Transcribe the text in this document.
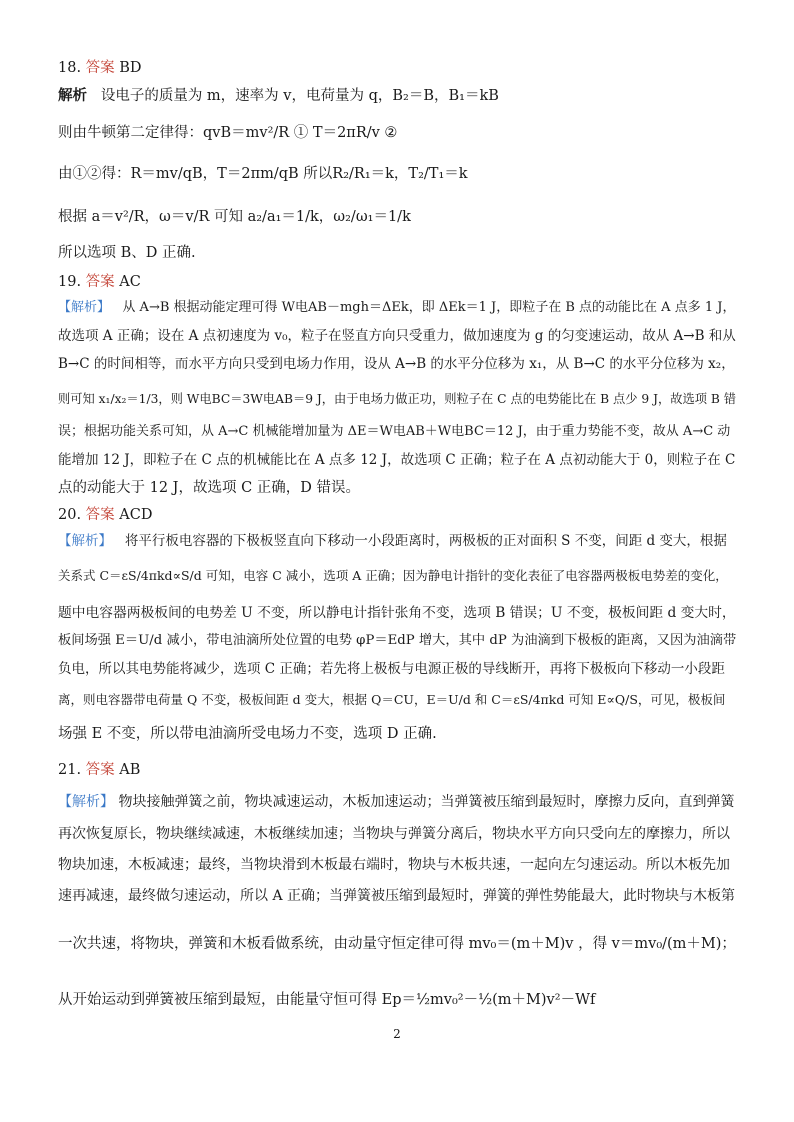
18. 答案 BD
解析 设电子的质量为 m，速率为 v，电荷量为 q，B₂＝B，B₁＝kB
则由牛顿第二定律得：qvB＝mv²/R ① T＝2πR/v ②
由①②得：R＝mv/qB，T＝2πm/qB 所以R₂/R₁＝k，T₂/T₁＝k
根据 a＝v²/R，ω＝v/R 可知 a₂/a₁＝1/k，ω₂/ω₁＝1/k
所以选项 B、D 正确.
19. 答案 AC
【解析】 从 A→B 根据动能定理可得 W电AB－mgh＝ΔEk，即 ΔEk＝1 J，即粒子在 B 点的动能比在 A 点多 1 J，
故选项 A 正确；设在 A 点初速度为 v₀，粒子在竖直方向只受重力，做加速度为 g 的匀变速运动，故从 A→B 和从
B→C 的时间相等，而水平方向只受到电场力作用，设从 A→B 的水平分位移为 x₁，从 B→C 的水平分位移为 x₂，
则可知 x₁/x₂＝1/3，则 W电BC＝3W电AB＝9 J，由于电场力做正功，则粒子在 C 点的电势能比在 B 点少 9 J，故选项 B 错
误；根据功能关系可知，从 A→C 机械能增加量为 ΔE＝W电AB＋W电BC＝12 J，由于重力势能不变，故从 A→C 动
能增加 12 J，即粒子在 C 点的机械能比在 A 点多 12 J，故选项 C 正确；粒子在 A 点初动能大于 0，则粒子在 C
点的动能大于 12 J，故选项 C 正确，D 错误。
20. 答案 ACD
【解析】 将平行板电容器的下极板竖直向下移动一小段距离时，两极板的正对面积 S 不变，间距 d 变大，根据
关系式 C＝εS/4πkd∝S/d 可知，电容 C 减小，选项 A 正确；因为静电计指针的变化表征了电容器两极板电势差的变化，
题中电容器两极板间的电势差 U 不变，所以静电计指针张角不变，选项 B 错误；U 不变，极板间距 d 变大时，
板间场强 E＝U/d 减小，带电油滴所处位置的电势 φP＝EdP 增大，其中 dP 为油滴到下极板的距离，又因为油滴带
负电，所以其电势能将减少，选项 C 正确；若先将上极板与电源正极的导线断开，再将下极板向下移动一小段距
离，则电容器带电荷量 Q 不变，极板间距 d 变大，根据 Q＝CU，E＝U/d 和 C＝εS/4πkd 可知 E∝Q/S，可见，极板间
场强 E 不变，所以带电油滴所受电场力不变，选项 D 正确.
21. 答案 AB
【解析】 物块接触弹簧之前，物块减速运动，木板加速运动；当弹簧被压缩到最短时，摩擦力反向，直到弹簧
再次恢复原长，物块继续减速，木板继续加速；当物块与弹簧分离后，物块水平方向只受向左的摩擦力，所以
物块加速，木板减速；最终，当物块滑到木板最右端时，物块与木板共速，一起向左匀速运动。所以木板先加
速再减速，最终做匀速运动，所以 A 正确；当弹簧被压缩到最短时，弹簧的弹性势能最大，此时物块与木板第
一次共速，将物块，弹簧和木板看做系统，由动量守恒定律可得 mv₀＝(m＋M)v ，得 v＝mv₀/(m＋M)；
从开始运动到弹簧被压缩到最短，由能量守恒可得 Ep＝½mv₀²－½(m＋M)v²－Wf
2
